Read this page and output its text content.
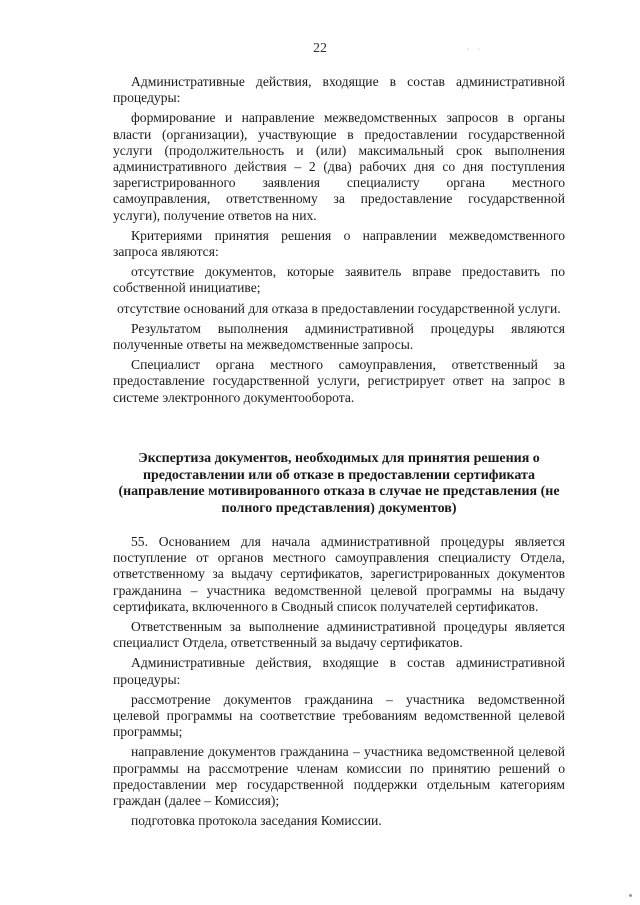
22	· ·

Административные действия, входящие в состав административной процедуры:

формирование и направление межведомственных запросов в органы власти (организации), участвующие в предоставлении государственной услуги (продолжительность и (или) максимальный срок выполнения административного действия – 2 (два) рабочих дня со дня поступления зарегистрированного заявления специалисту органа местного самоуправления, ответственному за предоставление государственной услуги), получение ответов на них.

Критериями принятия решения о направлении межведомственного запроса являются:

отсутствие документов, которые заявитель вправе предоставить по собственной инициативе;

отсутствие оснований для отказа в предоставлении государственной услуги.

Результатом выполнения административной процедуры являются полученные ответы на межведомственные запросы.

Специалист органа местного самоуправления, ответственный за предоставление государственной услуги, регистрирует ответ на запрос в системе электронного документооборота.

Экспертиза документов, необходимых для принятия решения о предоставлении или об отказе в предоставлении сертификата (направление мотивированного отказа в случае не представления (не полного представления) документов)

55. Основанием для начала административной процедуры является поступление от органов местного самоуправления специалисту Отдела, ответственному за выдачу сертификатов, зарегистрированных документов гражданина – участника ведомственной целевой программы на выдачу сертификата, включенного в Сводный список получателей сертификатов.

Ответственным за выполнение административной процедуры является специалист Отдела, ответственный за выдачу сертификатов.

Административные действия, входящие в состав административной процедуры:

рассмотрение документов гражданина – участника ведомственной целевой программы на соответствие требованиям ведомственной целевой программы;

направление документов гражданина – участника ведомственной целевой программы на рассмотрение членам комиссии по принятию решений о предоставлении мер государственной поддержки отдельным категориям граждан (далее – Комиссия);

подготовка протокола заседания Комиссии.
